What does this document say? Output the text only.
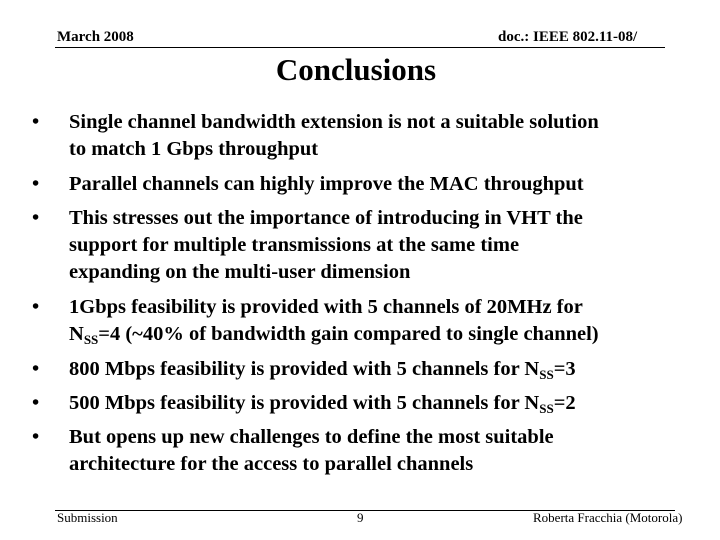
March 2008	doc.: IEEE 802.11-08/
Conclusions
•	Single channel bandwidth extension is not a suitable solution
to match 1 Gbps throughput
•	Parallel channels can highly improve the MAC throughput
•	This stresses out the importance of introducing in VHT the
support for multiple transmissions at the same time
expanding on the multi-user dimension
•	1Gbps feasibility is provided with 5 channels of 20MHz for
$N_{SS}=4$ (~40% of bandwidth gain compared to single channel)
•	800 Mbps feasibility is provided with 5 channels for $N_{SS}=3$
•	500 Mbps feasibility is provided with 5 channels for $N_{SS}=2$
•	But opens up new challenges to define the most suitable
architecture for the access to parallel channels
Submission	9	Roberta Fracchia (Motorola)
